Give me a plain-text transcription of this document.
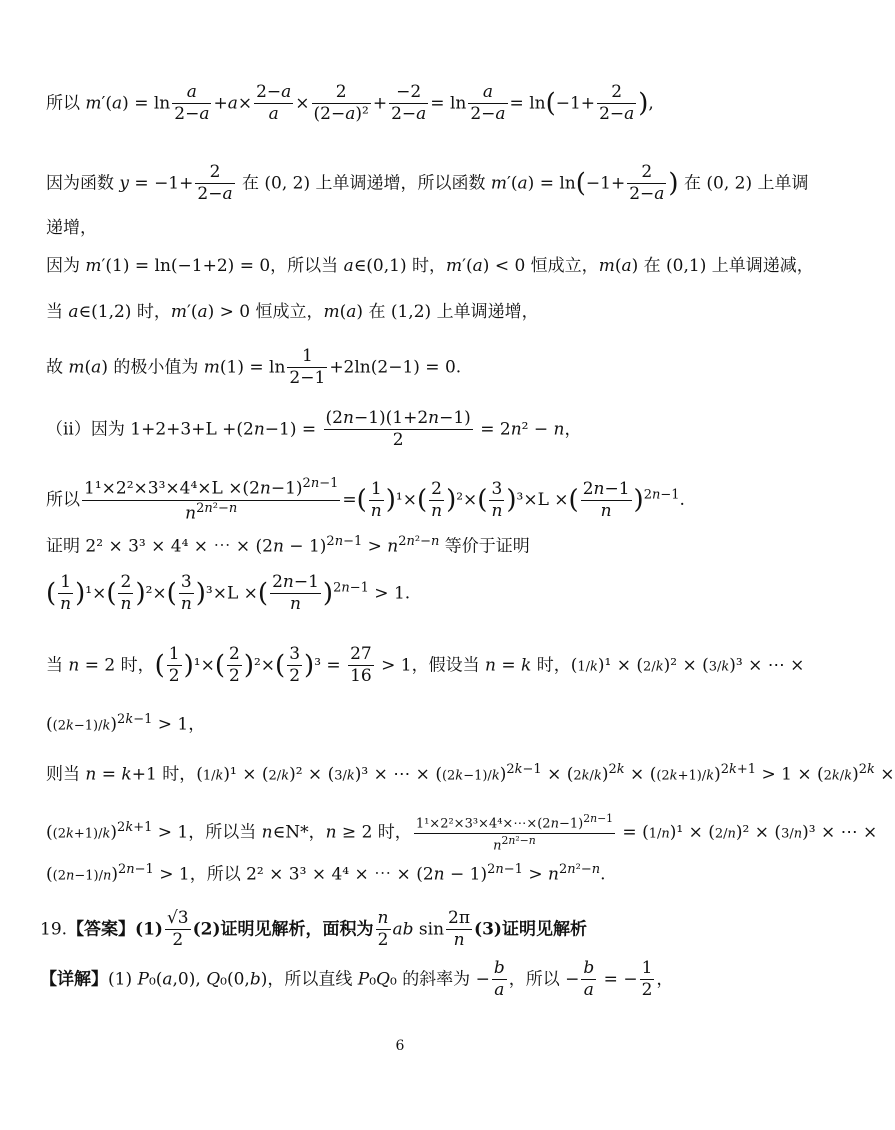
所以 $m'(a) = \ln \frac{a}{2-a} +a\times \frac{2-a}{a} \times \frac{2}{\text{(2−a)²}} + \frac{-2}{2-a} = \ln \frac{a}{2-a} = \ln(-1+ \frac{2}{2-a}$ ),
因为函数 $y = -1+ \frac{2}{2-a}$ 在 (0, 2) 上单调递增，所以函数 $m'(a) = \ln(-1+ \frac{2}{2-a}$ ) 在 (0, 2) 上单调
递增，
因为 m′(1) = ln(−1+2) = 0，所以当 a∈(0,1) 时，m′(a) < 0 恒成立，m(a) 在 (0,1) 上单调递减，
当 a∈(1,2) 时，m′(a) > 0 恒成立，m(a) 在 (1,2) 上单调递增，
故 m(a) 的极小值为 $m(1) = \ln \frac{1}{2-1} +2\ln(2-1) = 0$.
（ii）因为 $1+2+3+L +(2n-1) = \frac{(2n-1)(1+2n-1)}{2} = 2n^2 - n$，
所以 $\frac{1^1\times 2^2\times 3^3\times 4^4\times L \times(2n-1)^{2n-1}}{n^{2n^2-n}}$ =( $\frac{1}{n} )^1\times( \frac{2}{n} )^2\times( \frac{3}{n} )^3\times L$ ×( $\frac{2n-1}{n} )^{2n-1}$.
证明 2² × 3³ × 4⁴ × ⋯ × $(2n - 1)^{2n-1} > n^{2n^2-n}$ 等价于证明
( $\frac{1}{n} )^1\times( \frac{2}{n} )^2\times( \frac{3}{n} )^3\times L$ ×( $\frac{2n-1}{n} )^{2n-1} > 1$.
当 n = 2 时，( $\frac{1}{2} )^1\times( \frac{2}{2} )^2\times( \frac{3}{2} )^3 = \frac{27}{16} > 1$，假设当 n = k 时，(1/k)¹ × (2/k)² × (3/k)³ × ⋯ ×
$((2k-1)/k)^{2k-1} > 1$，
则当 n = k+1 时，(1/k)¹ × (2/k)² × (3/k)³ × ⋯ × $((2k-1)/k)^{2k-1} \times (2k/k)^{2k} \times ((2k+1)/k)^{2k+1} > 1 \times (2k/k)^{2k}$ ×
$((2k+1)/k)^{2k+1} > 1$，所以当 n∈N*，n ≥ 2 时， $\frac{1^1\times 2^2\times 3^3\times 4^4\times\cdots\times(2n-1)^{2n-1}}{n^{2n^2-n}} = (1/n)^1 \times (2/n)^2 \times (3/n)^3$ × ⋯ ×
$((2n-1)/n)^{2n-1} > 1$，所以 2² × 3³ × 4⁴ × ⋯ × $(2n - 1)^{2n-1} > n^{2n^2-n}$.
19.【答案】$(1) \frac{√3}{2} (2)$证明见解析，面积为 $\frac{n}{2}$ ab $\sin \frac{2\pi}{n} (3)$证明见解析
【详解】(1) P₀(a,0), Q₀(0,b)，所以直线 P₀Q₀ 的斜率为 − $\frac{b}{a}$ ，所以 − $\frac{b}{a}$ = − $\frac{1}{2}$ ，
6
